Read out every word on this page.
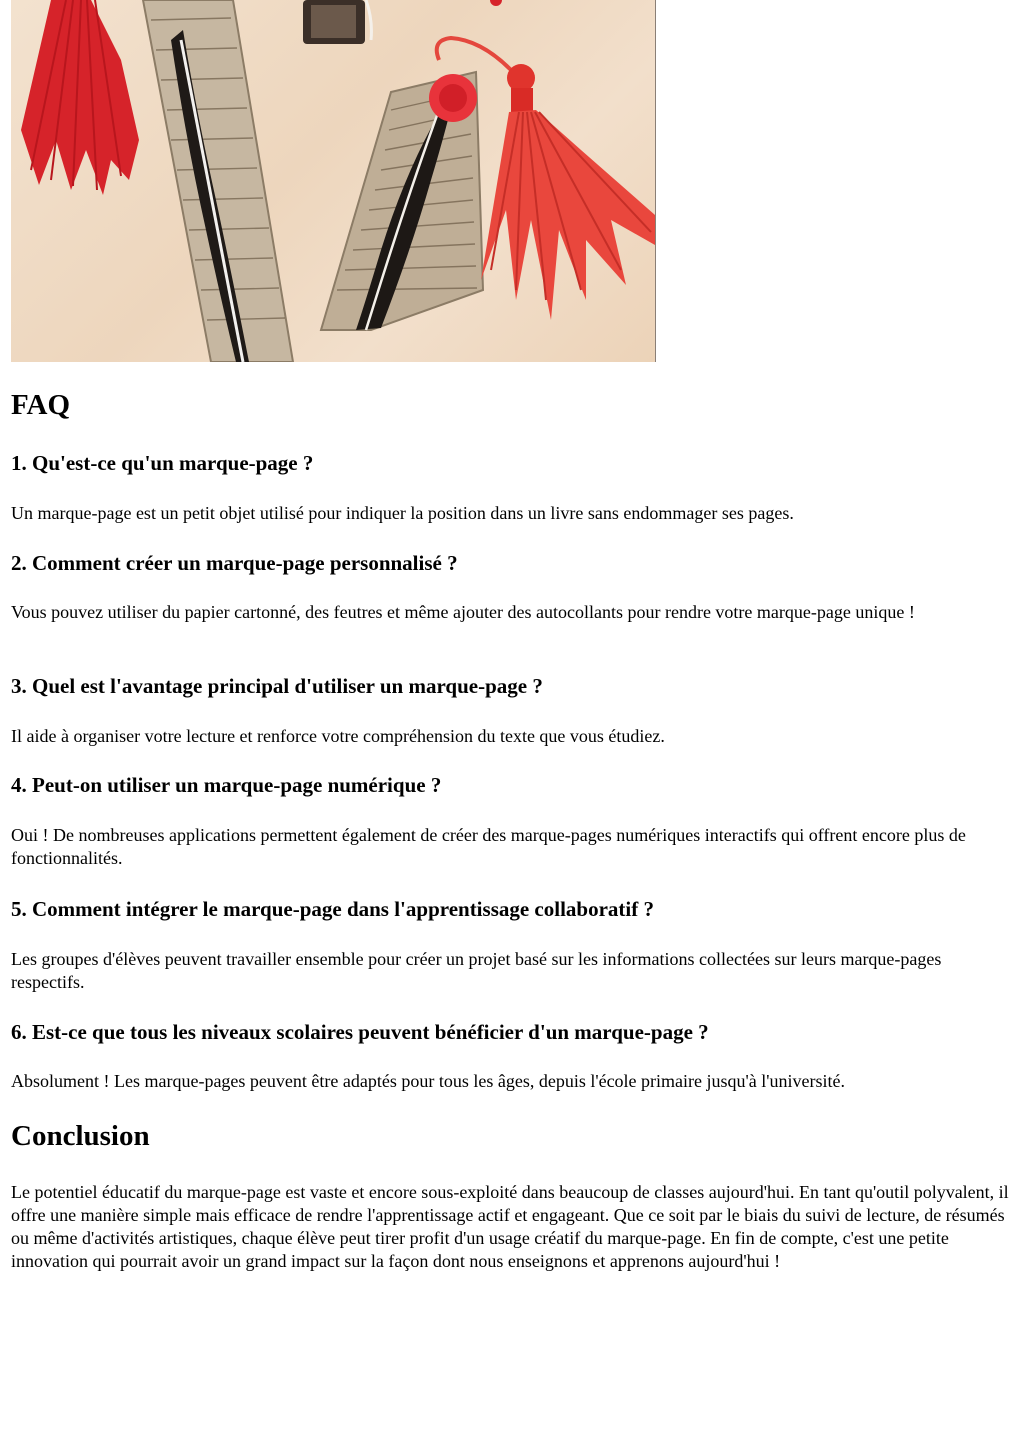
FAQ
1. Qu'est-ce qu'un marque-page ?

Un marque-page est un petit objet utilisé pour indiquer la position dans un livre sans endommager ses pages.

2. Comment créer un marque-page personnalisé ?

Vous pouvez utiliser du papier cartonné, des feutres et même ajouter des autocollants pour rendre votre marque-page unique !

3. Quel est l'avantage principal d'utiliser un marque-page ?

Il aide à organiser votre lecture et renforce votre compréhension du texte que vous étudiez.

4. Peut-on utiliser un marque-page numérique ?

Oui ! De nombreuses applications permettent également de créer des marque-pages numériques interactifs qui offrent encore plus de fonctionnalités.

5. Comment intégrer le marque-page dans l'apprentissage collaboratif ?

Les groupes d'élèves peuvent travailler ensemble pour créer un projet basé sur les informations collectées sur leurs marque-pages respectifs.

6. Est-ce que tous les niveaux scolaires peuvent bénéficier d'un marque-page ?

Absolument ! Les marque-pages peuvent être adaptés pour tous les âges, depuis l'école primaire jusqu'à l'université.

Conclusion

Le potentiel éducatif du marque-page est vaste et encore sous-exploité dans beaucoup de classes aujourd'hui. En tant qu'outil polyvalent, il offre une manière simple mais efficace de rendre l'apprentissage actif et engageant. Que ce soit par le biais du suivi de lecture, de résumés ou même d'activités artistiques, chaque élève peut tirer profit d'un usage créatif du marque-page. En fin de compte, c'est une petite innovation qui pourrait avoir un grand impact sur la façon dont nous enseignons et apprenons aujourd'hui !
